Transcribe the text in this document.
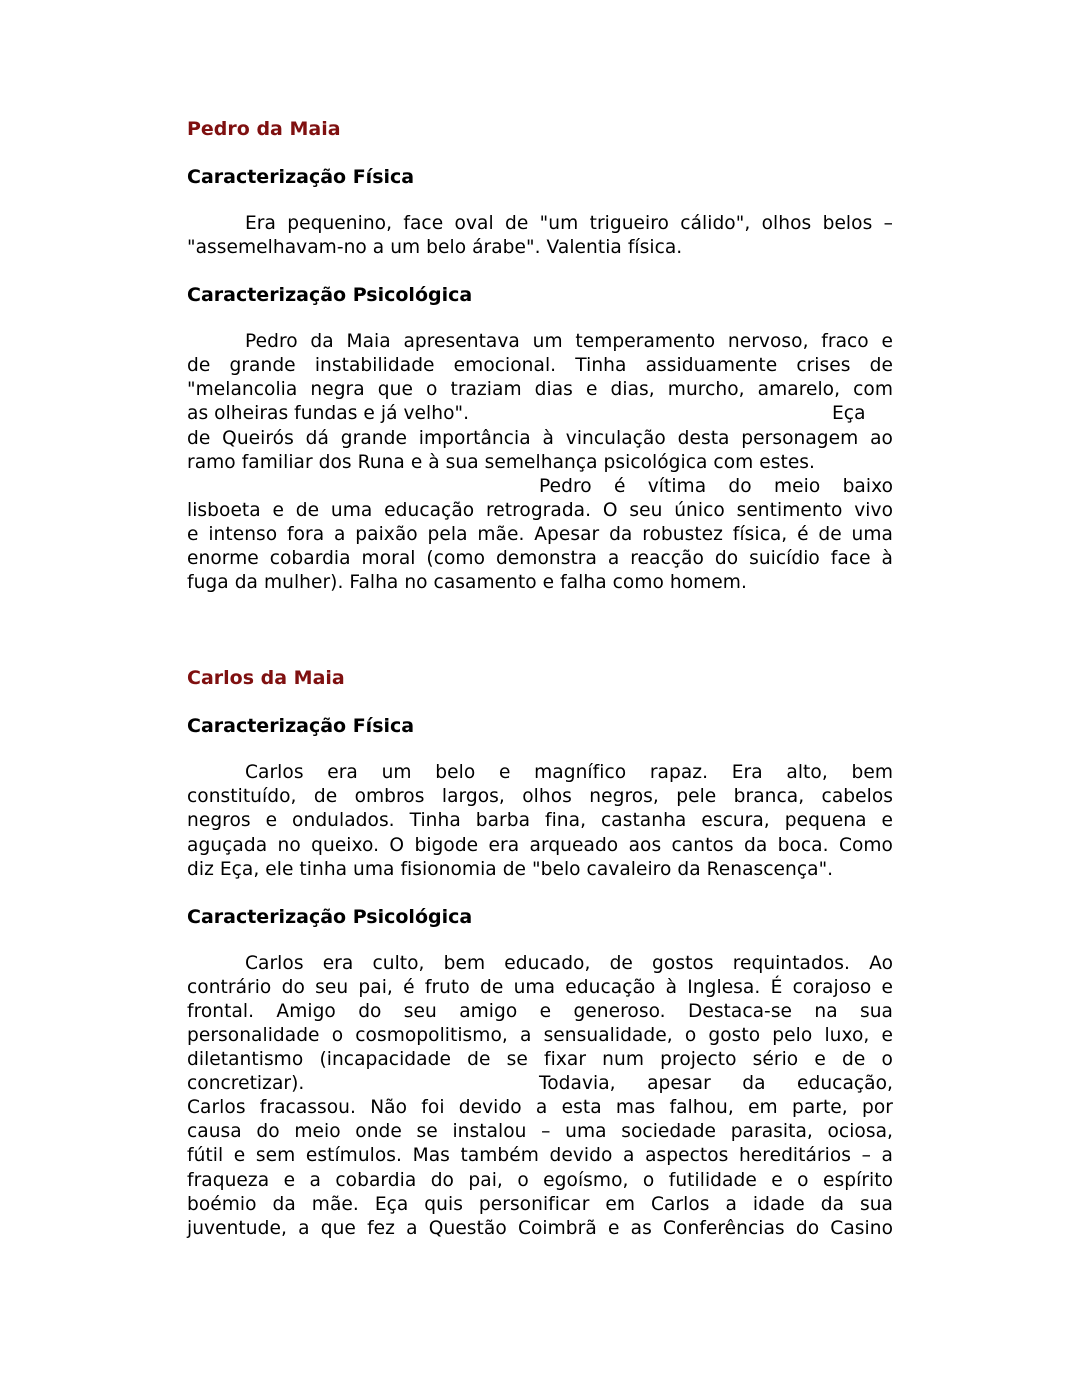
Pedro da Maia
Caracterização Física

Era pequenino, face oval de "um trigueiro cálido", olhos belos –
"assemelhavam-no a um belo árabe". Valentia física.

Caracterização Psicológica

Pedro da Maia apresentava um temperamento nervoso, fraco e
de grande instabilidade emocional. Tinha assiduamente crises de
"melancolia negra que o traziam dias e dias, murcho, amarelo, com
as olheiras fundas e já velho".	Eça
de Queirós dá grande importância à vinculação desta personagem ao
ramo familiar dos Runa e à sua semelhança psicológica com estes.
Pedro é vítima do meio baixo
lisboeta e de uma educação retrograda. O seu único sentimento vivo
e intenso fora a paixão pela mãe. Apesar da robustez física, é de uma
enorme cobardia moral (como demonstra a reacção do suicídio face à
fuga da mulher). Falha no casamento e falha como homem.

Carlos da Maia
Caracterização Física

Carlos era um belo e magnífico rapaz. Era alto, bem
constituído, de ombros largos, olhos negros, pele branca, cabelos
negros e ondulados. Tinha barba fina, castanha escura, pequena e
aguçada no queixo. O bigode era arqueado aos cantos da boca. Como
diz Eça, ele tinha uma fisionomia de "belo cavaleiro da Renascença".

Caracterização Psicológica

Carlos era culto, bem educado, de gostos requintados. Ao
contrário do seu pai, é fruto de uma educação à Inglesa. É corajoso e
frontal. Amigo do seu amigo e generoso. Destaca-se na sua
personalidade o cosmopolitismo, a sensualidade, o gosto pelo luxo, e
diletantismo (incapacidade de se fixar num projecto sério e de o
concretizar).	Todavia, apesar da educação,
Carlos fracassou. Não foi devido a esta mas falhou, em parte, por
causa do meio onde se instalou – uma sociedade parasita, ociosa,
fútil e sem estímulos. Mas também devido a aspectos hereditários – a
fraqueza e a cobardia do pai, o egoísmo, o futilidade e o espírito
boémio da mãe. Eça quis personificar em Carlos a idade da sua
juventude, a que fez a Questão Coimbrã e as Conferências do Casino
